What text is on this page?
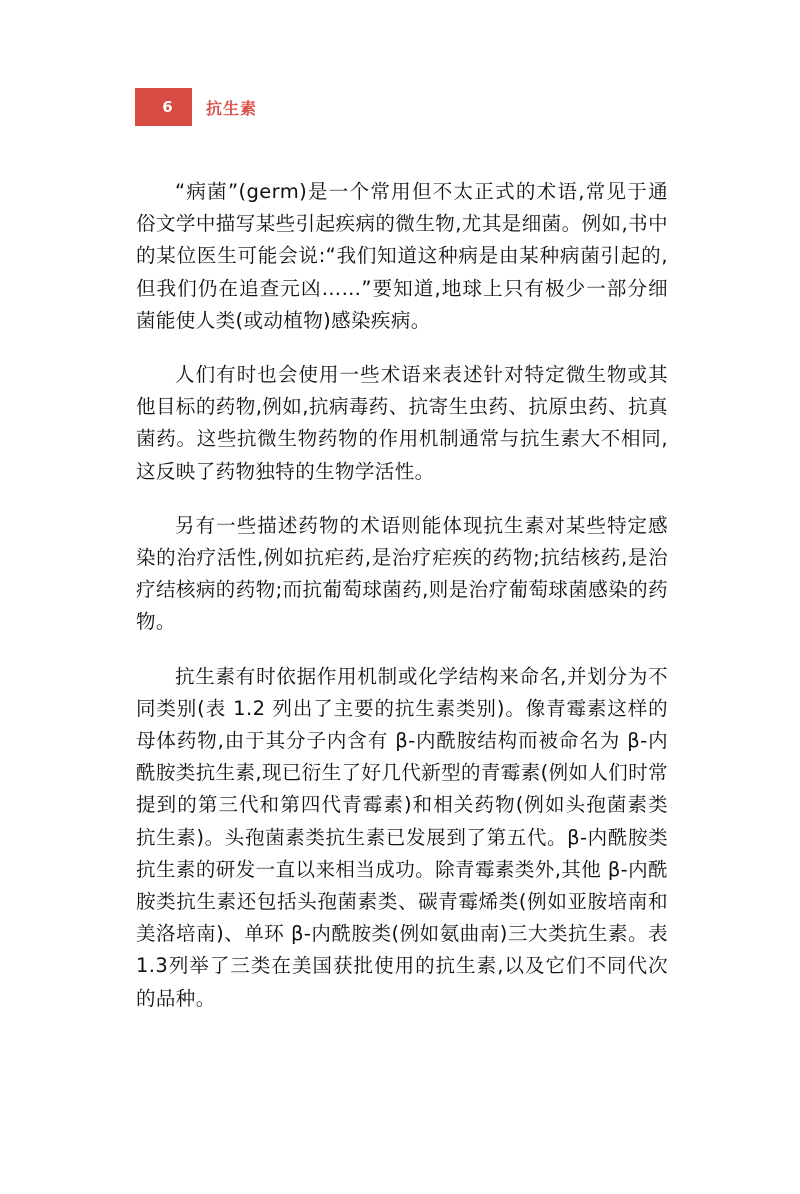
6	抗生素

“病菌”(germ)是一个常用但不太正式的术语,常见于通俗文学中描写某些引起疾病的微生物,尤其是细菌。例如,书中的某位医生可能会说:“我们知道这种病是由某种病菌引起的,但我们仍在追查元凶……”要知道,地球上只有极少一部分细菌能使人类(或动植物)感染疾病。

人们有时也会使用一些术语来表述针对特定微生物或其他目标的药物,例如,抗病毒药、抗寄生虫药、抗原虫药、抗真菌药。这些抗微生物药物的作用机制通常与抗生素大不相同,这反映了药物独特的生物学活性。

另有一些描述药物的术语则能体现抗生素对某些特定感染的治疗活性,例如抗疟药,是治疗疟疾的药物;抗结核药,是治疗结核病的药物;而抗葡萄球菌药,则是治疗葡萄球菌感染的药物。

抗生素有时依据作用机制或化学结构来命名,并划分为不同类别(表 1.2 列出了主要的抗生素类别)。像青霉素这样的母体药物,由于其分子内含有 β-内酰胺结构而被命名为 β-内酰胺类抗生素,现已衍生了好几代新型的青霉素(例如人们时常提到的第三代和第四代青霉素)和相关药物(例如头孢菌素类抗生素)。头孢菌素类抗生素已发展到了第五代。β-内酰胺类抗生素的研发一直以来相当成功。除青霉素类外,其他 β-内酰胺类抗生素还包括头孢菌素类、碳青霉烯类(例如亚胺培南和美洛培南)、单环 β-内酰胺类(例如氨曲南)三大类抗生素。表1.3列举了三类在美国获批使用的抗生素,以及它们不同代次的品种。
